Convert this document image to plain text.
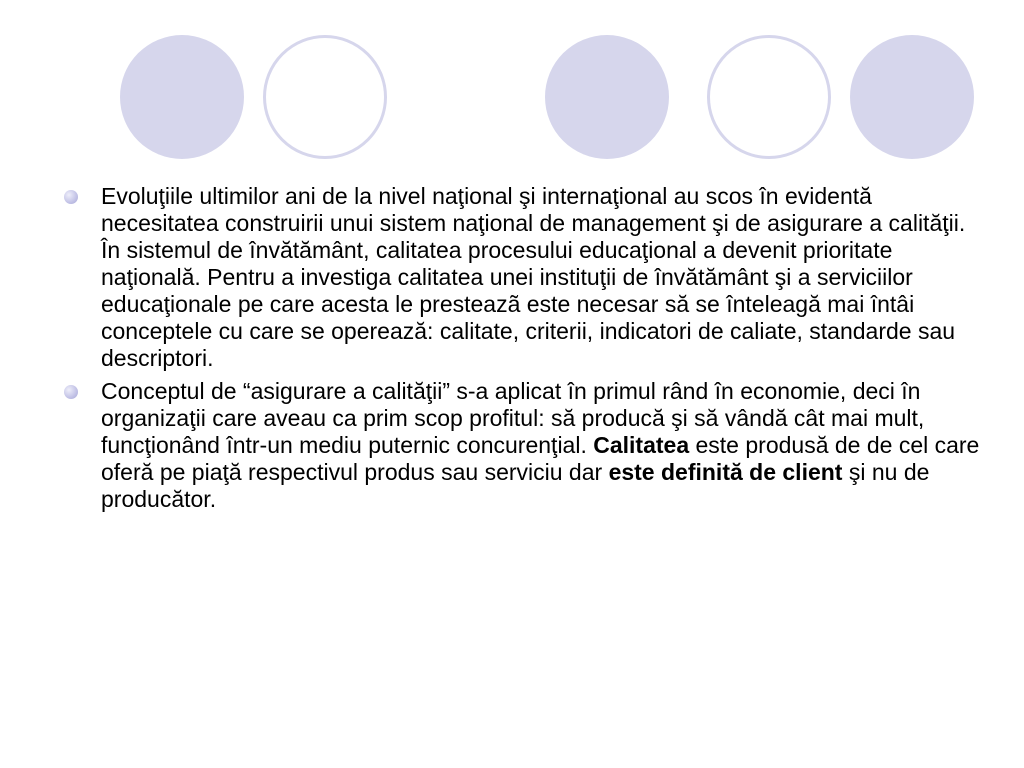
Evoluţiile ultimilor ani de la nivel naţional şi internaţional au scos în evidentă necesitatea construirii unui sistem naţional de management şi de asigurare a calităţii. În sistemul de învătământ, calitatea procesului educaţional a devenit prioritate naţională. Pentru a investiga calitatea unei instituţii de învătământ şi a serviciilor educaţionale pe care acesta le presteazã este necesar să se înteleagă mai întâi conceptele cu care se operează: calitate, criterii, indicatori de caliate, standarde sau descriptori.
Conceptul de “asigurare a calităţii” s-a aplicat în primul rând în economie, deci în organizaţii care aveau ca prim scop profitul: să producă şi să vândă cât mai mult, funcţionând într-un mediu puternic concurenţial. Calitatea este produsă de de cel care oferă pe piaţă respectivul produs sau serviciu dar este definită de client şi nu de producător.
